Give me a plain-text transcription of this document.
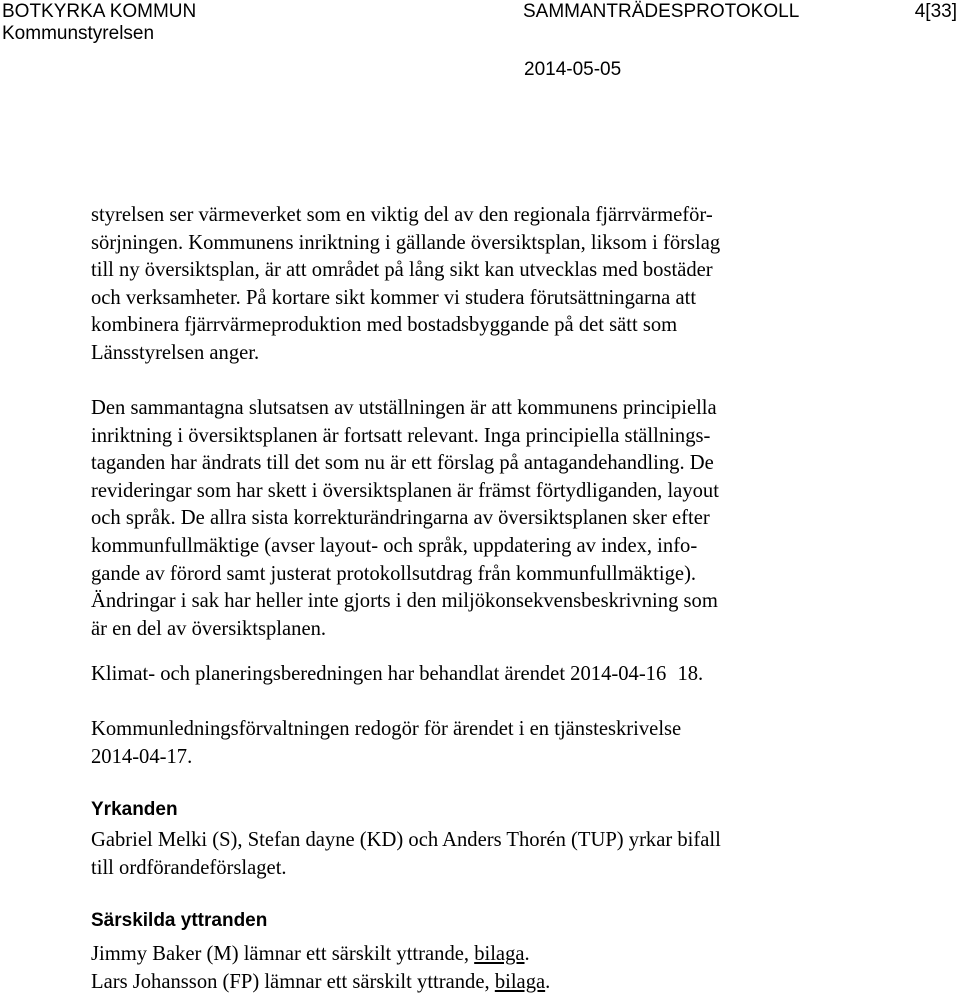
BOTKYRKA KOMMUN
Kommunstyrelsen
SAMMANTRÄDESPROTOKOLL	4[33]
2014-05-05
styrelsen ser värmeverket som en viktig del av den regionala fjärrvärmeför-
sörjningen. Kommunens inriktning i gällande översiktsplan, liksom i förslag
till ny översiktsplan, är att området på lång sikt kan utvecklas med bostäder
och verksamheter. På kortare sikt kommer vi studera förutsättningarna att
kombinera fjärrvärmeproduktion med bostadsbyggande på det sätt som
Länsstyrelsen anger.
Den sammantagna slutsatsen av utställningen är att kommunens principiella
inriktning i översiktsplanen är fortsatt relevant. Inga principiella ställnings-
taganden har ändrats till det som nu är ett förslag på antagandehandling. De
revideringar som har skett i översiktsplanen är främst förtydliganden, layout
och språk. De allra sista korrekturändringarna av översiktsplanen sker efter
kommunfullmäktige (avser layout- och språk, uppdatering av index, info-
gande av förord samt justerat protokollsutdrag från kommunfullmäktige).
Ändringar i sak har heller inte gjorts i den miljökonsekvensbeskrivning som
är en del av översiktsplanen.
Klimat- och planeringsberedningen har behandlat ärendet 2014-04-16 18.
Kommunledningsförvaltningen redogör för ärendet i en tjänsteskrivelse
2014-04-17.
Yrkanden
Gabriel Melki (S), Stefan dayne (KD) och Anders Thorén (TUP) yrkar bifall
till ordförandeförslaget.
Särskilda yttranden
Jimmy Baker (M) lämnar ett särskilt yttrande, bilaga.
Lars Johansson (FP) lämnar ett särskilt yttrande, bilaga.
